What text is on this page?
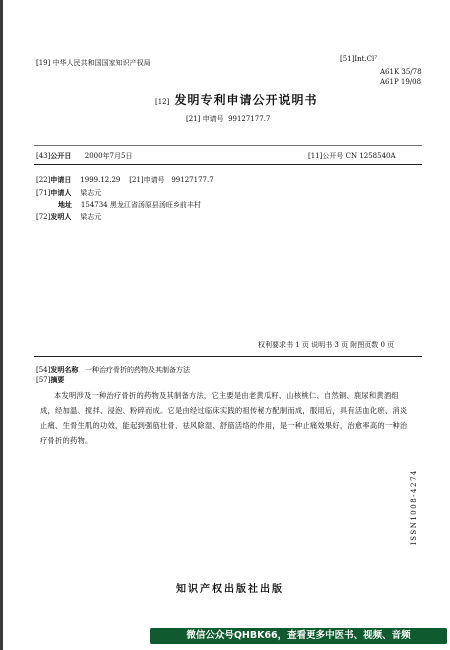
[19] 中华人民共和国国家知识产权局	[51]Int.Cl⁷
A61K 35/78
A61P 19/08
[12] 发明专利申请公开说明书
[21] 申请号 99127177.7
[43]公开日 2000年7月5日	[11]公开号 CN 1258540A
[22]申请日 1999.12.29 [21]申请号 99127177.7
[71]申请人 梁志元
地址 154734 黑龙江省汤原县汤旺乡前丰村
[72]发明人 梁志元
权利要求书 1 页 说明书 3 页 附图页数 0 页
[54]发明名称 一种治疗骨折的药物及其制备方法
[57]摘要
本发明涉及一种治疗骨折的药物及其制备方法，它主要是由老黄瓜籽、山核桃仁、自然铜、鹿尿和黄酒组成，经加温、搅拌、浸泡、粉碎而成。它是由经过临床实践的祖传秘方配制而成，服用后，具有活血化瘀、消炎止痛、生骨生肌的功效，能起到强筋壮骨、祛风除湿、舒筋活络的作用，是一种止痛效果好，治愈率高的一种治疗骨折的药物。
ISSN1008-4274
知识产权出版社出版
微信公众号QHBK66，查看更多中医书、视频、音频
